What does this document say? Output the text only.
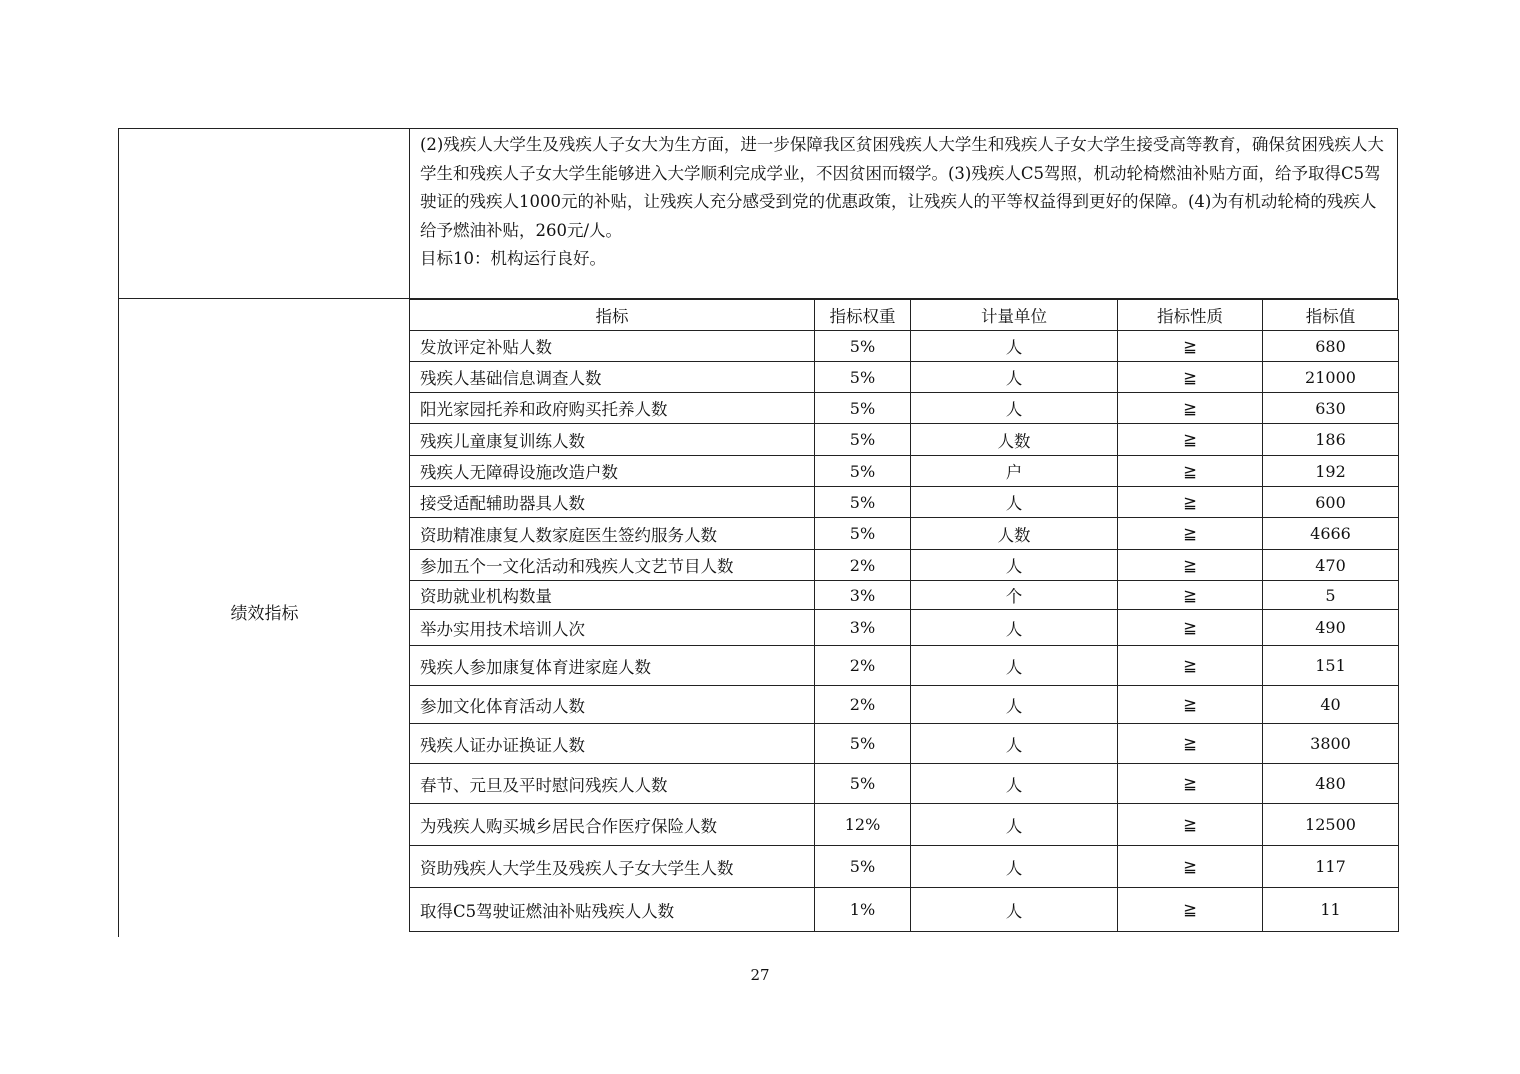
(2)残疾人大学生及残疾人子女大为生方面，进一步保障我区贫困残疾人大学生和残疾人子女大学生接受高等教育，确保贫困残疾人大学生和残疾人子女大学生能够进入大学顺利完成学业，不因贫困而辍学。(3)残疾人C5驾照，机动轮椅燃油补贴方面，给予取得C5驾驶证的残疾人1000元的补贴，让残疾人充分感受到党的优惠政策，让残疾人的平等权益得到更好的保障。(4)为有机动轮椅的残疾人给予燃油补贴，260元/人。

目标10：机构运行良好。

绩效指标
指标	指标权重	计量单位	指标性质	指标值
发放评定补贴人数	5%	人	≧	680
残疾人基础信息调查人数	5%	人	≧	21000
阳光家园托养和政府购买托养人数	5%	人	≧	630
残疾儿童康复训练人数	5%	人数	≧	186
残疾人无障碍设施改造户数	5%	户	≧	192
接受适配辅助器具人数	5%	人	≧	600
资助精准康复人数家庭医生签约服务人数	5%	人数	≧	4666
参加五个一文化活动和残疾人文艺节目人数	2%	人	≧	470
资助就业机构数量	3%	个	≧	5
举办实用技术培训人次	3%	人	≧	490
残疾人参加康复体育进家庭人数	2%	人	≧	151
参加文化体育活动人数	2%	人	≧	40
残疾人证办证换证人数	5%	人	≧	3800
春节、元旦及平时慰问残疾人人数	5%	人	≧	480
为残疾人购买城乡居民合作医疗保险人数	12%	人	≧	12500
资助残疾人大学生及残疾人子女大学生人数	5%	人	≧	117
取得C5驾驶证燃油补贴残疾人人数	1%	人	≧	11
27
